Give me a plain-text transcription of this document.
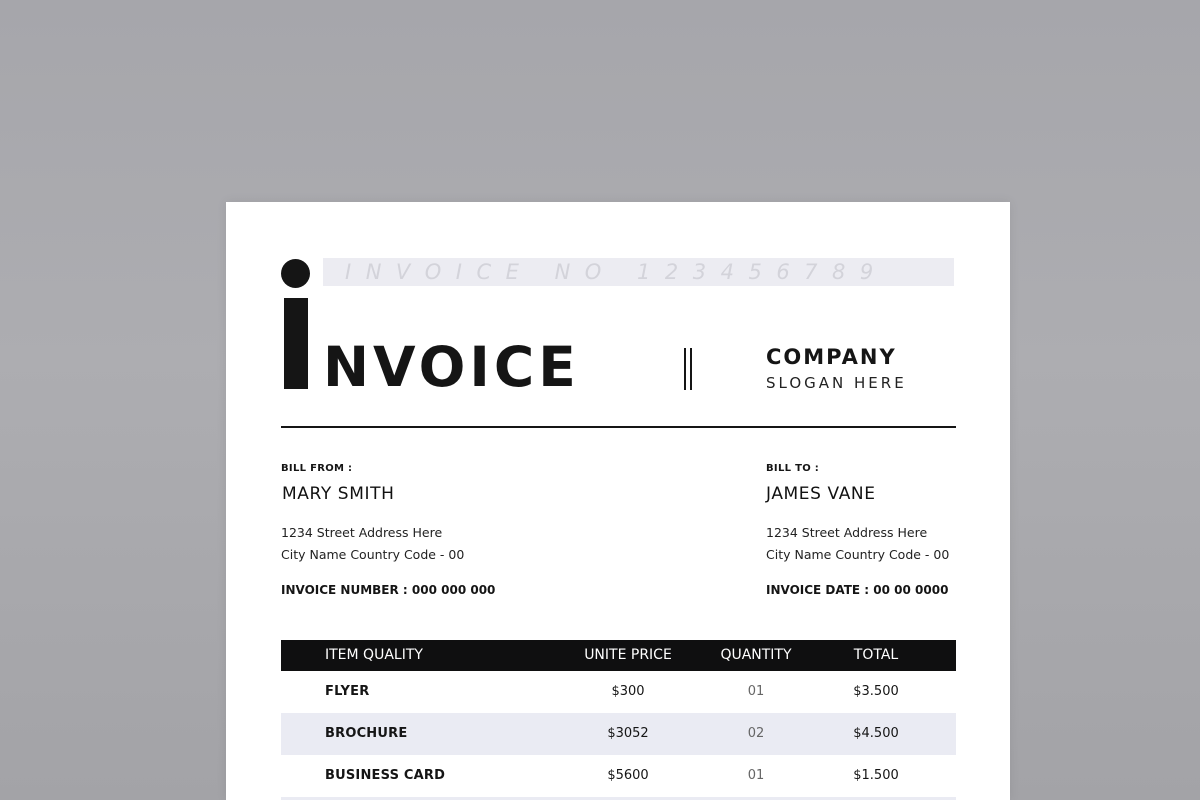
INVOICE NO 123456789
NVOICE	COMPANY
SLOGAN HERE
BILL FROM :
MARY SMITH
1234 Street Address Here
City Name Country Code - 00
INVOICE NUMBER : 000 000 000
BILL TO :
JAMES VANE
1234 Street Address Here
City Name Country Code - 00
INVOICE DATE : 00 00 0000
ITEM QUALITY	UNITE PRICE	QUANTITY	TOTAL
FLYER	$300	01	$3.500
BROCHURE	$3052	02	$4.500
BUSINESS CARD	$5600	01	$1.500
